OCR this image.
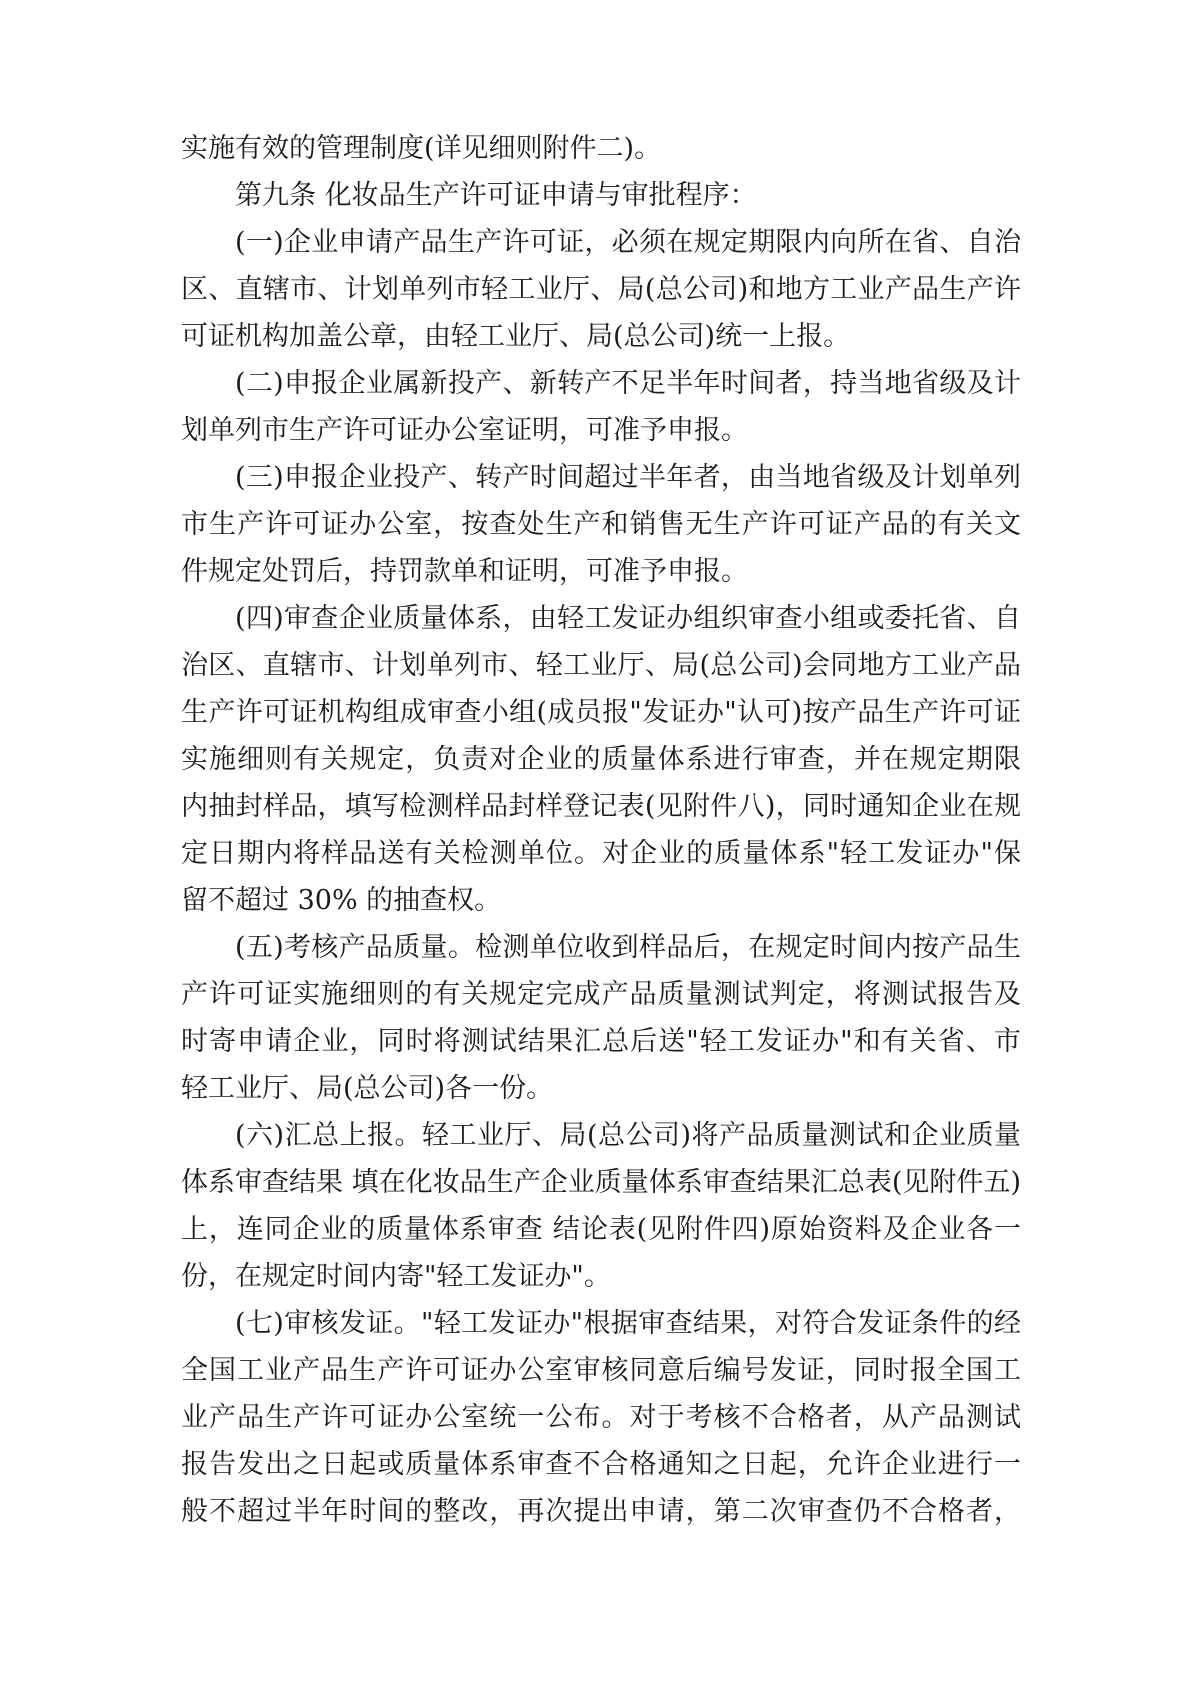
实施有效的管理制度(详见细则附件二)。
第九条 化妆品生产许可证申请与审批程序：
(一)企业申请产品生产许可证，必须在规定期限内向所在省、自治
区、直辖市、计划单列市轻工业厅、局(总公司)和地方工业产品生产许
可证机构加盖公章，由轻工业厅、局(总公司)统一上报。
(二)申报企业属新投产、新转产不足半年时间者，持当地省级及计
划单列市生产许可证办公室证明，可准予申报。
(三)申报企业投产、转产时间超过半年者，由当地省级及计划单列
市生产许可证办公室，按查处生产和销售无生产许可证产品的有关文
件规定处罚后，持罚款单和证明，可准予申报。
(四)审查企业质量体系，由轻工发证办组织审查小组或委托省、自
治区、直辖市、计划单列市、轻工业厅、局(总公司)会同地方工业产品
生产许可证机构组成审查小组(成员报"发证办"认可)按产品生产许可证
实施细则有关规定，负责对企业的质量体系进行审查，并在规定期限
内抽封样品，填写检测样品封样登记表(见附件八)，同时通知企业在规
定日期内将样品送有关检测单位。对企业的质量体系"轻工发证办"保
留不超过 30% 的抽查权。
(五)考核产品质量。检测单位收到样品后，在规定时间内按产品生
产许可证实施细则的有关规定完成产品质量测试判定，将测试报告及
时寄申请企业，同时将测试结果汇总后送"轻工发证办"和有关省、市
轻工业厅、局(总公司)各一份。
(六)汇总上报。轻工业厅、局(总公司)将产品质量测试和企业质量
体系审查结果 填在化妆品生产企业质量体系审查结果汇总表(见附件五)
上，连同企业的质量体系审查 结论表(见附件四)原始资料及企业各一
份，在规定时间内寄"轻工发证办"。
(七)审核发证。"轻工发证办"根据审查结果，对符合发证条件的经
全国工业产品生产许可证办公室审核同意后编号发证，同时报全国工
业产品生产许可证办公室统一公布。对于考核不合格者，从产品测试
报告发出之日起或质量体系审查不合格通知之日起，允许企业进行一
般不超过半年时间的整改，再次提出申请，第二次审查仍不合格者，
